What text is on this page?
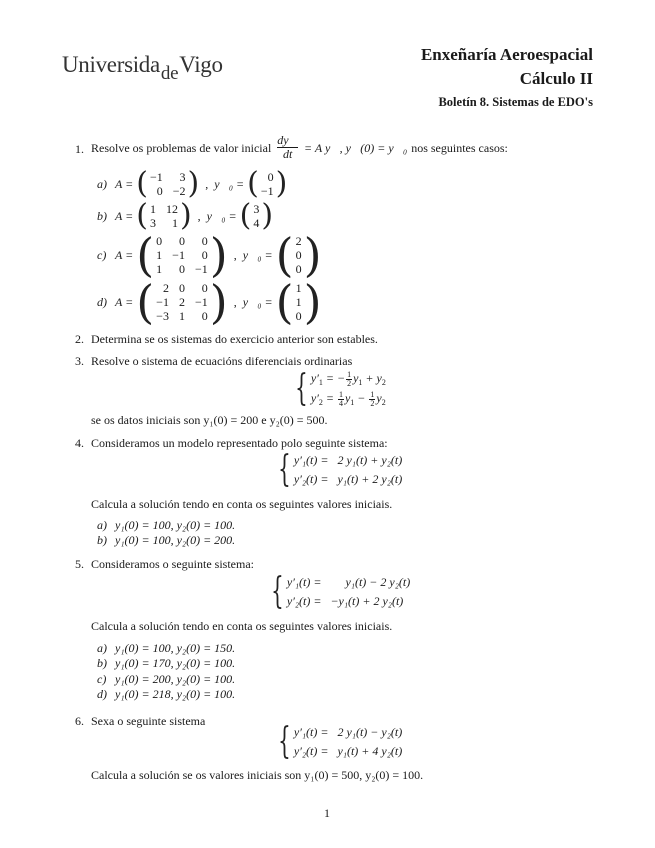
Universida$_{de}$Vigo	Enxeñaría Aeroespacial
Cálculo II
Boletín 8. Sistemas de EDO's
1. Resolve os problemas de valor inicial $\frac{dy⃗}{dt} = A$ y⃗, y⃗(0) = y⃗₀ nos seguintes casos:
a) A = ( −1	3
0 −2 ) , y⃗₀ = ( 0
−1 )
b) A = ( 1 12
3	1 ) , y⃗₀ = ( 3
4 )
c) A = ( 0	0	0
1 −1	0
1	0 −1 ) , y⃗₀ = ( 2
0
0 )
d) A = ( 2 0	0
−1 2 −1
−3 1	0 ) , y⃗₀ = ( 1
1
0 )
2. Determina se os sistemas do exercicio anterior son estables.
3. Resolve o sistema de ecuacións diferenciais ordinarias
{ $y'_1$ = − $\frac{1}{2} y_1 + y_2$
$y'_2 = \frac{1}{4} y_1 - \frac{1}{2} y_2$
se os datos iniciais son y₁(0) = 200 e y₂(0) = 500.
4. Consideramos un modelo representado polo seguinte sistema:
{ y′₁(t) = 2 y₁(t) + y₂(t)
y′₂(t) = y₁(t) + 2 y₂(t)
Calcula a solución tendo en conta os seguintes valores iniciais.
a) y₁(0) = 100, y₂(0) = 100.
b) y₁(0) = 100, y₂(0) = 200.
5. Consideramos o seguinte sistema:
{ y′₁(t) = y₁(t) − 2 y₂(t)
y′₂(t) = −y₁(t) + 2 y₂(t)
Calcula a solución tendo en conta os seguintes valores iniciais.
a) y₁(0) = 100, y₂(0) = 150.
b) y₁(0) = 170, y₂(0) = 100.
c) y₁(0) = 200, y₂(0) = 100.
d) y₁(0) = 218, y₂(0) = 100.
6. Sexa o seguinte sistema { y′₁(t) = 2 y₁(t) − y₂(t)
y′₂(t) = y₁(t) + 4 y₂(t)
Calcula a solución se os valores iniciais son y₁(0) = 500, y₂(0) = 100.
1
